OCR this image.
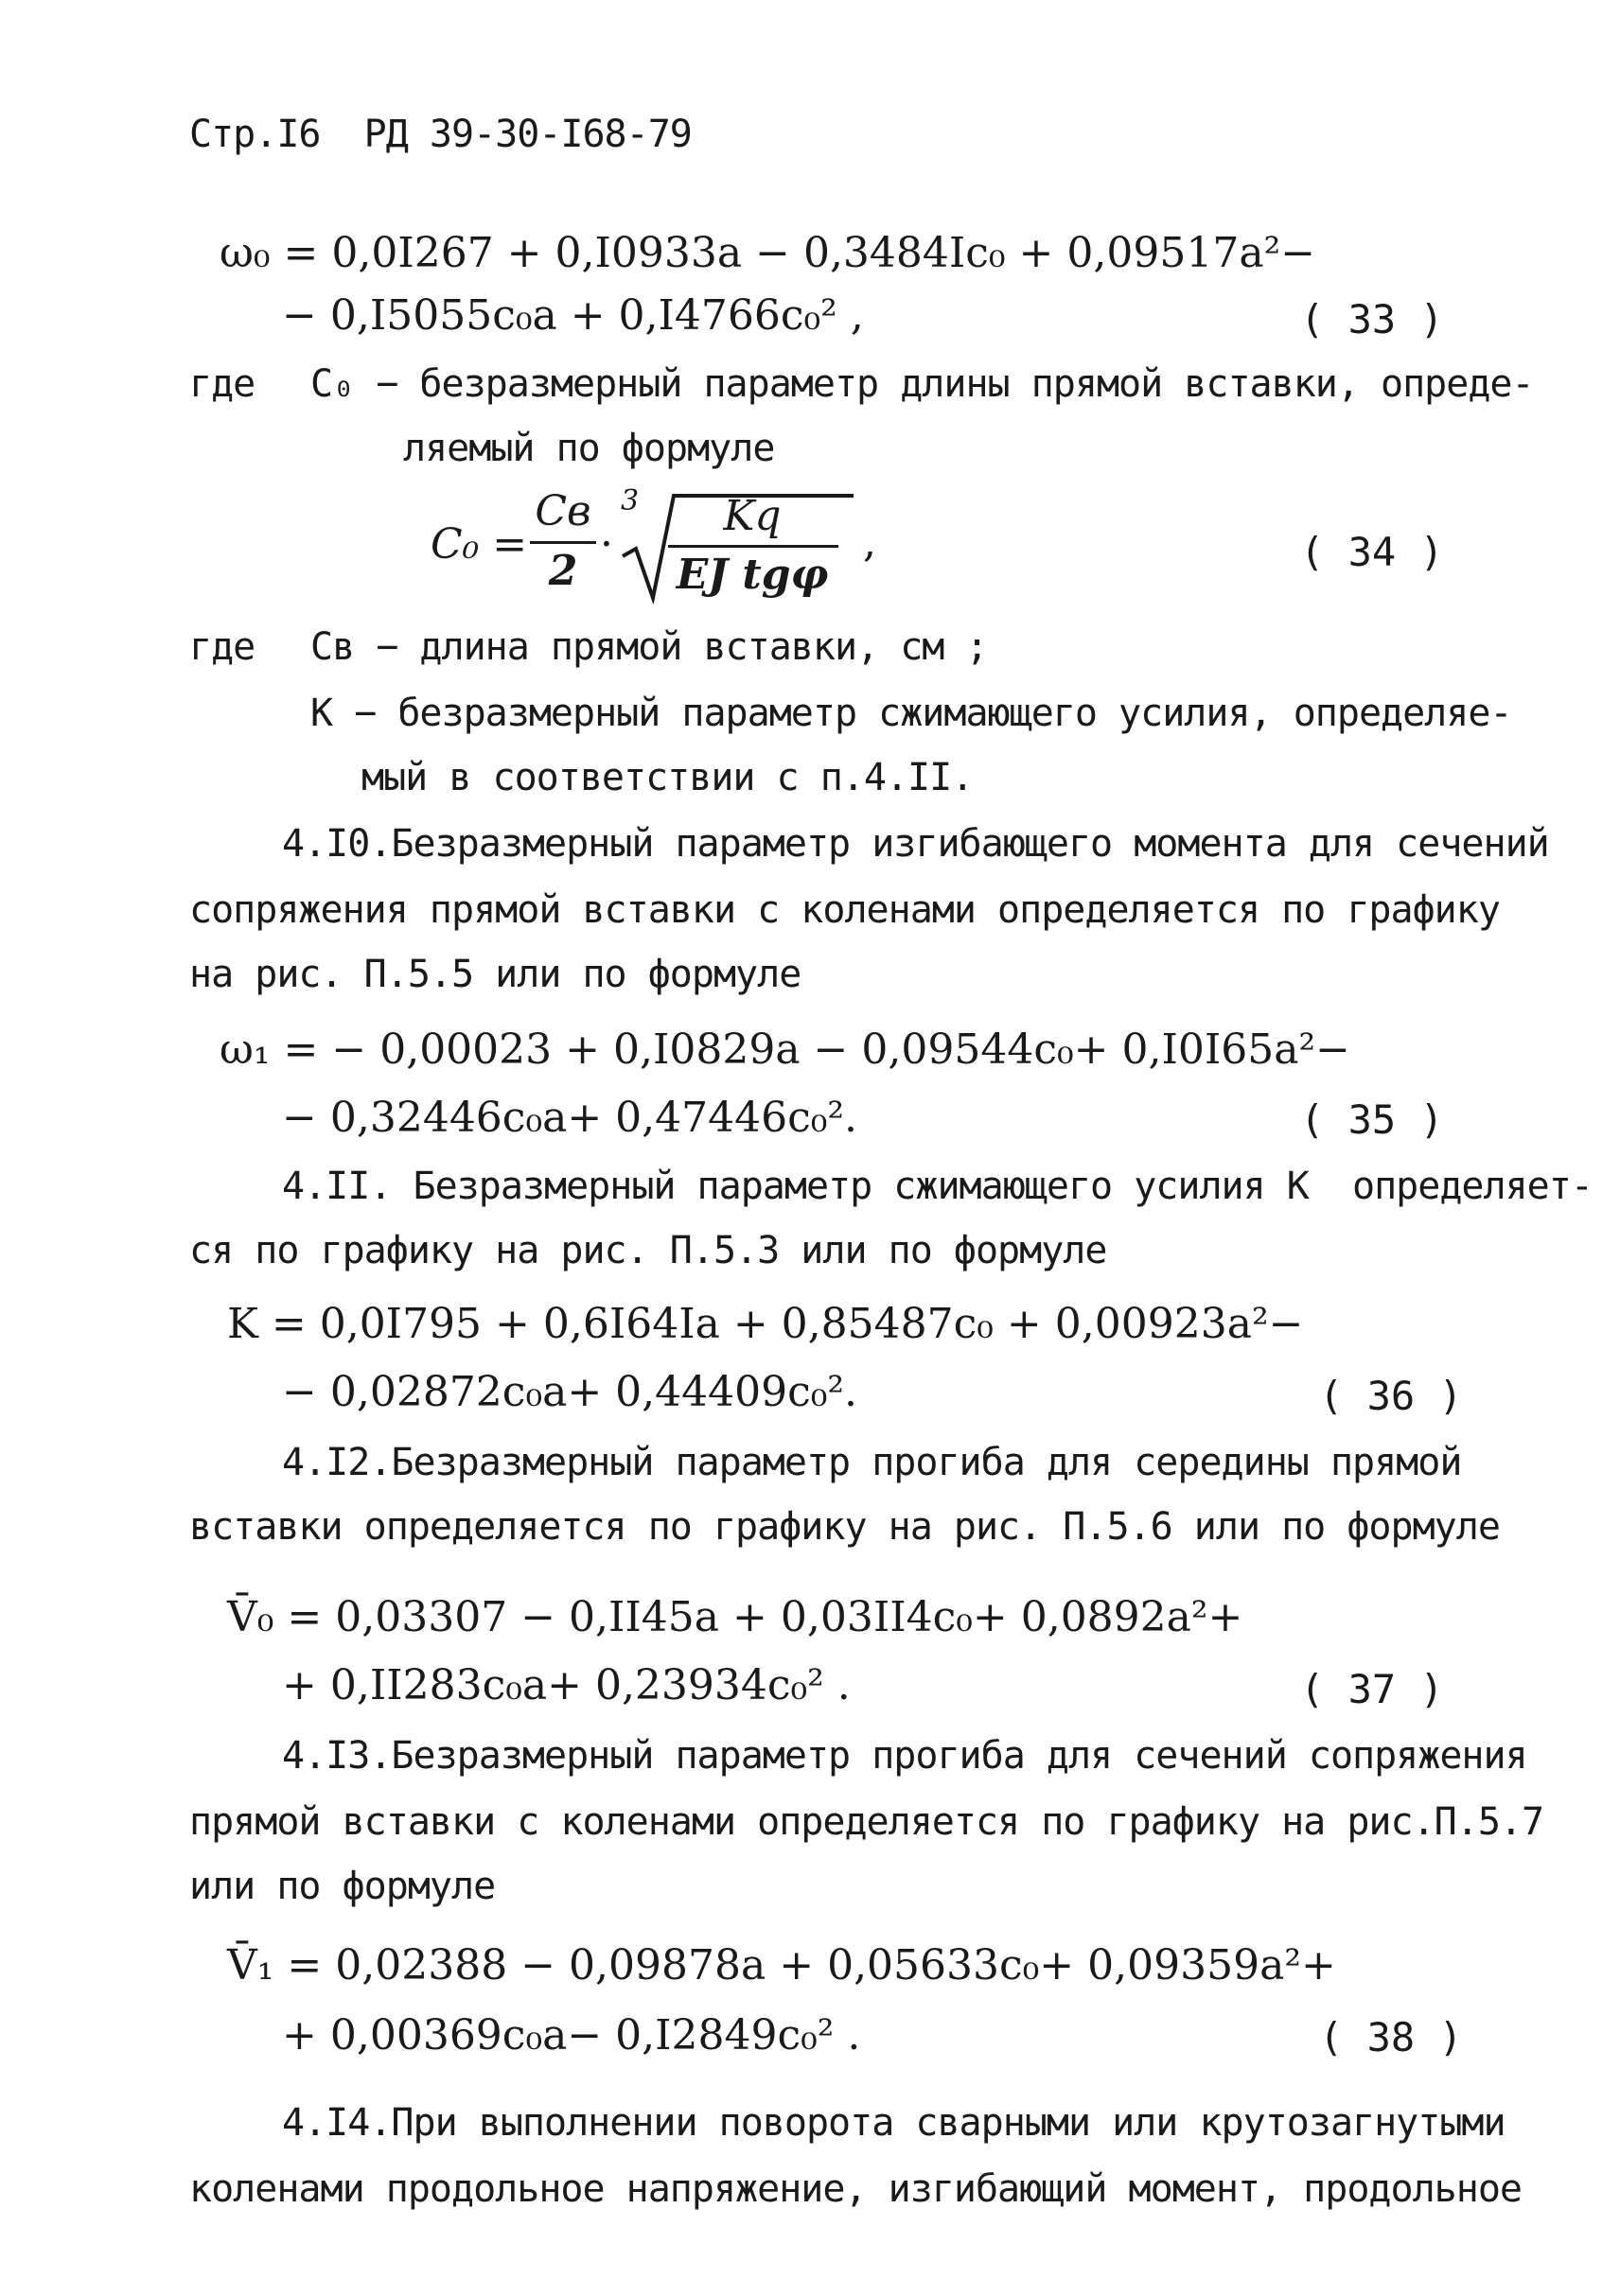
Стр.I6  РД 39-30-I68-79
ω₀ = 0,0I267 + 0,I0933a − 0,3484Ic₀ + 0,09517a²−
− 0,I5055c₀a + 0,I4766c₀² ,	( 33 )
где C₀ − безразмерный параметр длины прямой вставки, опреде-
ляемый по формуле
C₀ =
Cв
2
·
3	Kq
EJ tgφ
,	( 34 )
где Cв − длина прямой вставки, см ;
K − безразмерный параметр сжимающего усилия, определяе-
мый в соответствии с п.4.II.
4.I0.Безразмерный параметр изгибающего момента для сечений
сопряжения прямой вставки с коленами определяется по графику
на рис. П.5.5 или по формуле
ω₁ = − 0,00023 + 0,I0829a − 0,09544c₀+ 0,I0I65a²−
− 0,32446c₀a+ 0,47446c₀².	( 35 )
4.II. Безразмерный параметр сжимающего усилия K  определяет-
ся по графику на рис. П.5.3 или по формуле
K = 0,0I795 + 0,6I64Ia + 0,85487c₀ + 0,00923a²−
− 0,02872c₀a+ 0,44409c₀².	( 36 )
4.I2.Безразмерный параметр прогиба для середины прямой
вставки определяется по графику на рис. П.5.6 или по формуле
V̄₀ = 0,03307 − 0,II45a + 0,03II4c₀+ 0,0892a²+
+ 0,II283c₀a+ 0,23934c₀² .	( 37 )
4.I3.Безразмерный параметр прогиба для сечений сопряжения
прямой вставки с коленами определяется по графику на рис.П.5.7
или по формуле
V̄₁ = 0,02388 − 0,09878a + 0,05633c₀+ 0,09359a²+
+ 0,00369c₀a− 0,I2849c₀² .	( 38 )
4.I4.При выполнении поворота сварными или крутозагнутыми
коленами продольное напряжение, изгибающий момент, продольное
